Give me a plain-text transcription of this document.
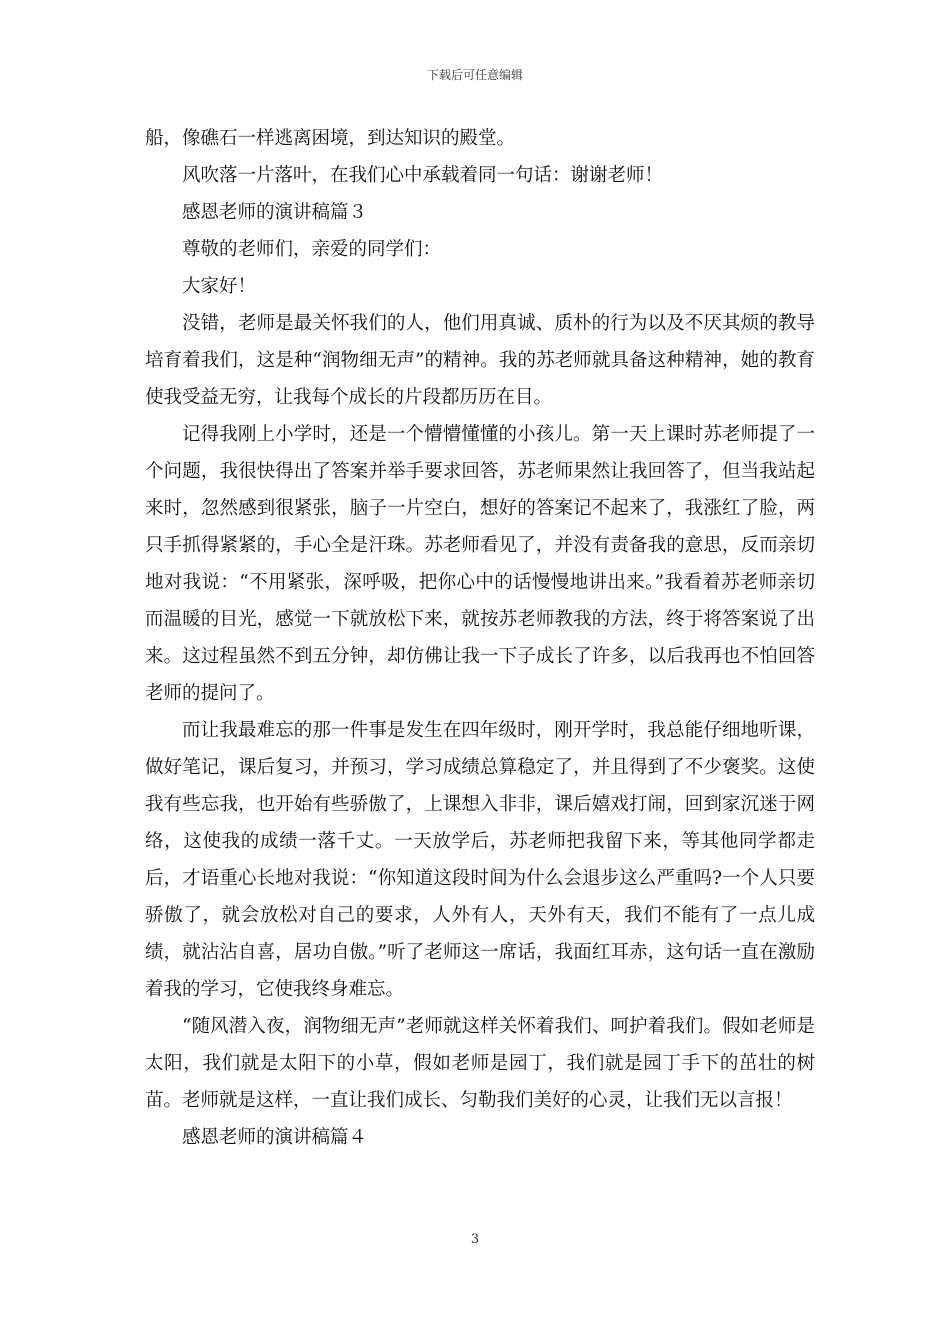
下载后可任意编辑

船，像礁石一样逃离困境，到达知识的殿堂。

风吹落一片落叶，在我们心中承载着同一句话：谢谢老师！

感恩老师的演讲稿篇３

尊敬的老师们，亲爱的同学们：

大家好！

没错，老师是最关怀我们的人，他们用真诚、质朴的行为以及不厌其烦的教导培育着我们，这是种“润物细无声”的精神。我的苏老师就具备这种精神，她的教育使我受益无穷，让我每个成长的片段都历历在目。

记得我刚上小学时，还是一个懵懵懂懂的小孩儿。第一天上课时苏老师提了一个问题，我很快得出了答案并举手要求回答，苏老师果然让我回答了，但当我站起来时，忽然感到很紧张，脑子一片空白，想好的答案记不起来了，我涨红了脸，两只手抓得紧紧的，手心全是汗珠。苏老师看见了，并没有责备我的意思，反而亲切地对我说：“不用紧张，深呼吸，把你心中的话慢慢地讲出来。”我看着苏老师亲切而温暖的目光，感觉一下就放松下来，就按苏老师教我的方法，终于将答案说了出来。这过程虽然不到五分钟，却仿佛让我一下子成长了许多，以后我再也不怕回答老师的提问了。

而让我最难忘的那一件事是发生在四年级时，刚开学时，我总能仔细地听课，做好笔记，课后复习，并预习，学习成绩总算稳定了，并且得到了不少褒奖。这使我有些忘我，也开始有些骄傲了，上课想入非非，课后嬉戏打闹，回到家沉迷于网络，这使我的成绩一落千丈。一天放学后，苏老师把我留下来，等其他同学都走后，才语重心长地对我说：“你知道这段时间为什么会退步这么严重吗?一个人只要骄傲了，就会放松对自己的要求，人外有人，天外有天，我们不能有了一点儿成绩，就沾沾自喜，居功自傲。”听了老师这一席话，我面红耳赤，这句话一直在激励着我的学习，它使我终身难忘。

“随风潜入夜，润物细无声”老师就这样关怀着我们、呵护着我们。假如老师是太阳，我们就是太阳下的小草，假如老师是园丁，我们就是园丁手下的茁壮的树苗。老师就是这样，一直让我们成长、匀勒我们美好的心灵，让我们无以言报！

感恩老师的演讲稿篇４

3
